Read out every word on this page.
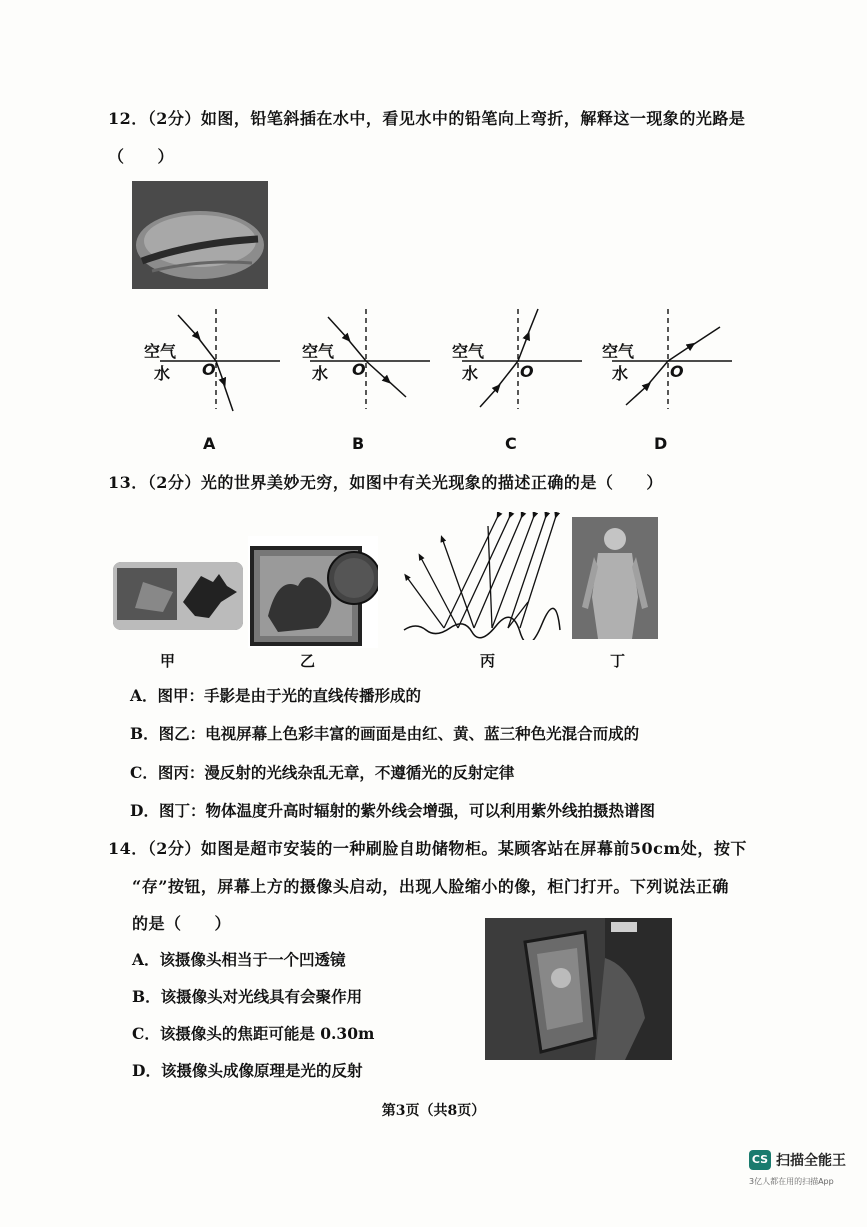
12．（2分）如图，铅笔斜插在水中，看见水中的铅笔向上弯折，解释这一现象的光路是
（　　）
空气
水 O
A
空气
水 O
B
空气
水	O
C
空气
水	O
D
13．（2分）光的世界美妙无穷，如图中有关光现象的描述正确的是（　　）
甲	乙	丙	丁
A．图甲：手影是由于光的直线传播形成的
B．图乙：电视屏幕上色彩丰富的画面是由红、黄、蓝三种色光混合而成的
C．图丙：漫反射的光线杂乱无章，不遵循光的反射定律
D．图丁：物体温度升高时辐射的紫外线会增强，可以利用紫外线拍摄热谱图
14．（2分）如图是超市安装的一种刷脸自助储物柜。某顾客站在屏幕前50cm处，按下
“存”按钮，屏幕上方的摄像头启动，出现人脸缩小的像，柜门打开。下列说法正确
的是（　　）
A．该摄像头相当于一个凹透镜
B．该摄像头对光线具有会聚作用
C．该摄像头的焦距可能是 0.30m
D．该摄像头成像原理是光的反射
第3页（共8页）
CS 扫描全能王
3亿人都在用的扫描App
